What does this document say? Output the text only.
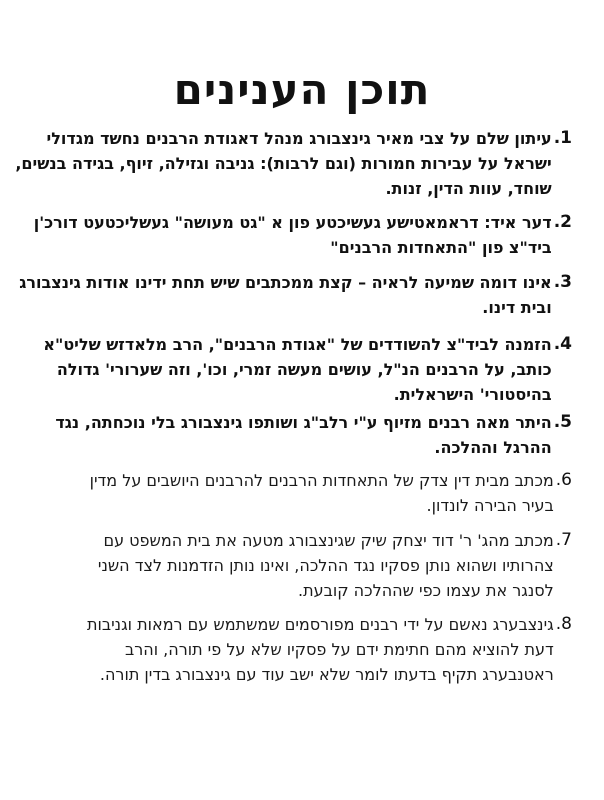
תוכן הענינים
1.
עיתון שלם על צבי מאיר גינצבורג מנהל דאגודת הרבנים נחשד מגדולי
ישראל על עבירות חמורות (וגם לרבות): גניבה וגזילה, זיוף, בגידה בנשים,
שוחד, עוות הדין, זנות.
2.
דער איד: דראמאטישע געשיכטע פון א "גט מעושה" געשליכטעט דורכ'ן
ביד"צ פון "התאחדות הרבנים"
3.
אינו דומה שמיעה לראיה – קצת ממכתבים שיש תחת ידינו אודות גינצבורג
ובית דינו.
4.
הזמנה לביד"צ להשודדים של "אגודת הרבנים", הרב מלאדזש שליט"א
כותב, על הרבנים הנ"ל, עושים מעשה זמרי, וכו', וזה שערורי' גדולה
בהיסטורי' הישראלית.
5.
היתר מאה רבנים מזיוף ע"י רלב"ג ושותפו גינצבורג בלי נוכחתה, נגד
ההרגל וההלכה.
6.
מכתב מבית דין צדק של התאחדות הרבנים להרבנים היושבים על מדין
בעיר הבירה לונדון.
7.
מכתב מהג' ר' דוד יצחק שיק שגינצבורג מטעה את בית המשפט עם
צהרותיו ושהוא נותן פסקיו נגד ההלכה, ואינו נותן הזדמנות לצד השני
לסנגר את עצמו כפי שההלכה קובעת.
8.
גינצבערג נאשם על ידי רבנים מפורסמים שמשתמש עם רמאות וגניבות
דעת להוציא מהם חתימת ידם על פסקיו שלא על פי תורה, והרב
ראטנבערג תקיף בדעתו לומר שלא ישב עוד עם גינצבורג בדין תורה.
